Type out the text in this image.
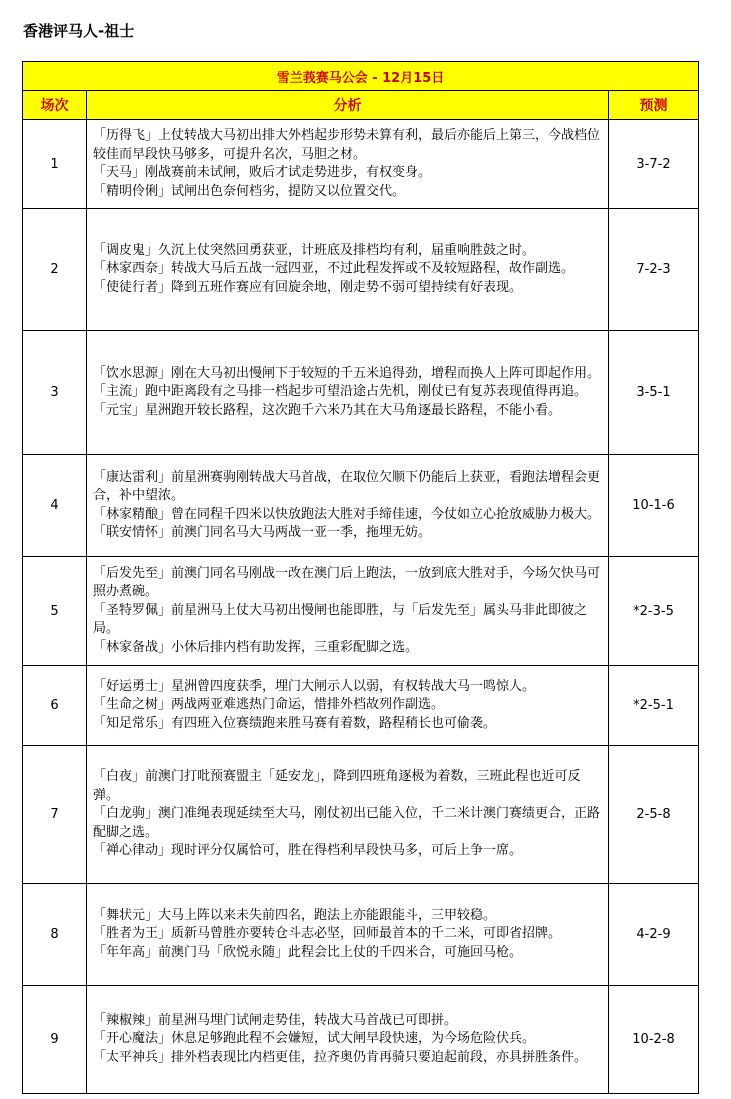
香港评马人-祖士
雪兰莪赛马公会 - 12月15日		
场次	分析	预测
1	「历得飞」上仗转战大马初出排大外档起步形势未算有利，最后亦能后上第三，今战档位较佳而早段快马够多，可提升名次，马胆之材。
「天马」刚战赛前未试闸，败后才试走势进步，有权变身。
「精明伶俐」试闸出色奈何档劣，提防又以位置交代。	3-7-2
2	「调皮鬼」久沉上仗突然回勇获亚，计班底及排档均有利，届重响胜鼓之时。
「林家西奈」转战大马后五战一冠四亚，不过此程发挥或不及较短路程，故作副选。
「使徒行者」降到五班作赛应有回旋余地，刚走势不弱可望持续有好表现。	7-2-3
3	「饮水思源」刚在大马初出慢闸下于较短的千五米追得劲，增程而换人上阵可即起作用。
「主流」跑中距离段有之马排一档起步可望沿途占先机，刚仗已有复苏表现值得再追。
「元宝」星洲跑开较长路程，这次跑千六米乃其在大马角逐最长路程，不能小看。	3-5-1
4	「康达雷利」前星洲赛驹刚转战大马首战，在取位欠顺下仍能后上获亚，看跑法增程会更合，补中望浓。
「林家精酿」曾在同程千四米以快放跑法大胜对手缔佳速，今仗如立心抢放威胁力极大。
「联安情怀」前澳门同名马大马两战一亚一季，拖埋无妨。	10-1-6
5	「后发先至」前澳门同名马刚战一改在澳门后上跑法，一放到底大胜对手，今场欠快马可照办煮碗。
「圣特罗佩」前星洲马上仗大马初出慢闸也能即胜，与「后发先至」属头马非此即彼之局。
「林家备战」小休后排内档有助发挥，三重彩配脚之选。	*2-3-5
6	「好运勇士」星洲曾四度获季，埋门大闸示人以弱，有权转战大马一鸣惊人。
「生命之树」两战两亚难逃热门命运，惜排外档故列作副选。
「知足常乐」有四班入位赛绩跑来胜马赛有着数，路程稍长也可偷袭。	*2-5-1
7	「白夜」前澳门打吡预赛盟主「延安龙」，降到四班角逐极为着数，三班此程也近可反弹。
「白龙驹」澳门准绳表现延续至大马，刚仗初出已能入位，千二米计澳门赛绩更合，正路配脚之选。
「禅心律动」现时评分仅属恰可，胜在得档利早段快马多，可后上争一席。	2-5-8
8	「舞状元」大马上阵以来未失前四名，跑法上亦能跟能斗，三甲较稳。
「胜者为王」质新马曾胜亦要转仓斗志必坚，回师最首本的千二米，可即省招牌。
「年年高」前澳门马「欣悦永随」此程会比上仗的千四米合，可施回马枪。	4-2-9
9	「辣椒辣」前星洲马埋门试闸走势佳，转战大马首战已可即拼。
「开心魔法」休息足够跑此程不会嫌短，试大闸早段快速，为今场危险伏兵。
「太平神兵」排外档表现比内档更佳，拉齐奥仍肯再骑只要迫起前段，亦具拼胜条件。	10-2-8
